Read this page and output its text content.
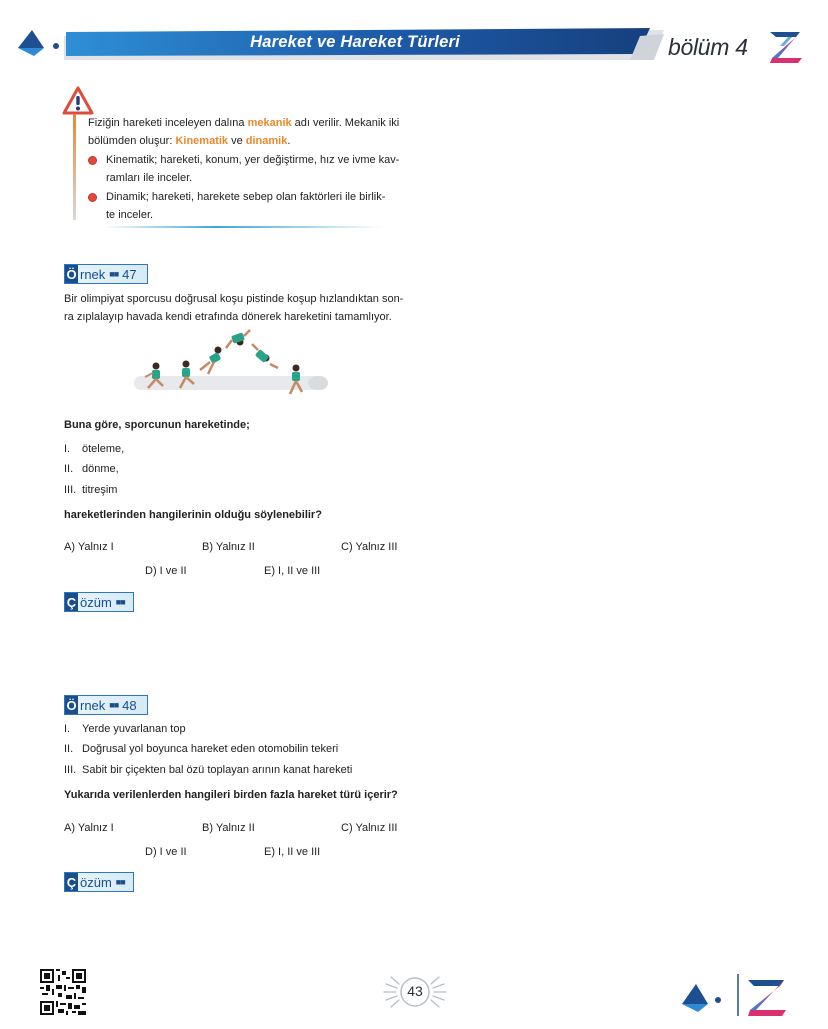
Hareket ve Hareket Türleri	bölüm 4
Fiziğin hareketi inceleyen dalına mekanik adı verilir. Mekanik iki
bölümden oluşur: Kinematik ve dinamik.
Kinematik; hareketi, konum, yer değiştirme, hız ve ivme kav-
ramları ile inceler.
Dinamik; hareketi, harekete sebep olan faktörleri ile birlik-
te inceler.
Ö rnek ■■ 47
Bir olimpiyat sporcusu doğrusal koşu pistinde koşup hızlandıktan son-
ra zıplalayıp havada kendi etrafında dönerek hareketini tamamlıyor.
Buna göre, sporcunun hareketinde;
I. öteleme,
II. dönme,
III. titreşim
hareketlerinden hangilerinin olduğu söylenebilir?
A) Yalnız I	B) Yalnız II	C) Yalnız III
D) I ve II	E) I, II ve III
Ç özüm ■■
Ö rnek ■■ 48
I. Yerde yuvarlanan top
II. Doğrusal yol boyunca hareket eden otomobilin tekeri
III. Sabit bir çiçekten bal özü toplayan arının kanat hareketi
Yukarıda verilenlerden hangileri birden fazla hareket türü içerir?
A) Yalnız I	B) Yalnız II	C) Yalnız III
D) I ve II	E) I, II ve III
Ç özüm ■■
43
